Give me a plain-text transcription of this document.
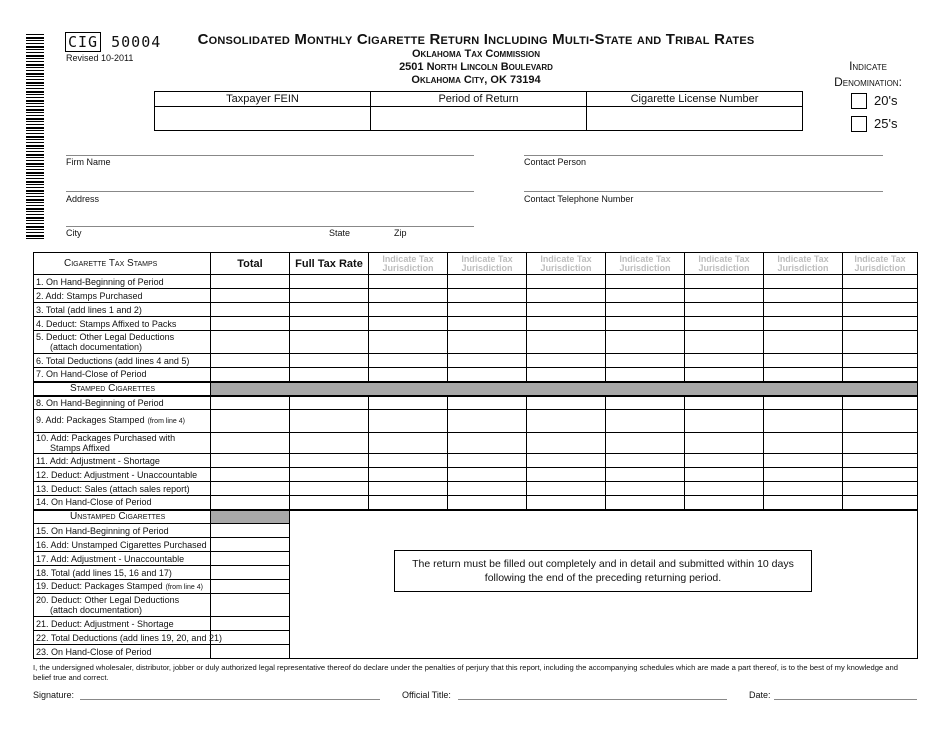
CIG 50004
Revised 10-2011
Consolidated Monthly Cigarette Return Including Multi-State and Tribal Rates
Oklahoma Tax Commission
2501 North Lincoln Boulevard
Oklahoma City, OK 73194
Indicate Denomination:
20's
25's
Taxpayer FEIN	Period of Return	Cigarette License Number

Firm Name	Contact Person
Address	Contact Telephone Number
City	State	Zip
Cigarette Tax Stamps	Total	Full Tax Rate	Indicate Tax Jurisdiction	Indicate Tax Jurisdiction	Indicate Tax Jurisdiction	Indicate Tax Jurisdiction	Indicate Tax Jurisdiction	Indicate Tax Jurisdiction	Indicate Tax Jurisdiction
1. On Hand-Beginning of Period									
2. Add: Stamps Purchased									
3. Total (add lines 1 and 2)									
4. Deduct: Stamps Affixed to Packs									
5. Deduct: Other Legal Deductions
(attach documentation)									
6. Total Deductions (add lines 4 and 5)									
7. On Hand-Close of Period									
Stamped Cigarettes									
8. On Hand-Beginning of Period									
9. Add: Packages Stamped (from line 4)									
10. Add: Packages Purchased with
Stamps Affixed									
11. Add: Adjustment - Shortage									
12. Deduct: Adjustment - Unaccountable									
13. Deduct: Sales (attach sales report)									
14. On Hand-Close of Period									
Unstamped Cigarettes									
15. On Hand-Beginning of Period									
16. Add: Unstamped Cigarettes Purchased									
17. Add: Adjustment - Unaccountable									
18. Total (add lines 15, 16 and 17)									
19. Deduct: Packages Stamped (from line 4)									
20. Deduct: Other Legal Deductions
(attach documentation)									
21. Deduct: Adjustment - Shortage									
22. Total Deductions (add lines 19, 20, and 21)									
23. On Hand-Close of Period									
The return must be filled out completely and in detail and submitted within 10 days following the end of the preceding returning period.
I, the undersigned wholesaler, distributor, jobber or duly authorized legal representative thereof do declare under the penalties of perjury that this report, including the accompanying schedules which are made a part thereof, is to the best of my knowledge and belief true and correct.
Signature:	Official Title:	Date:
